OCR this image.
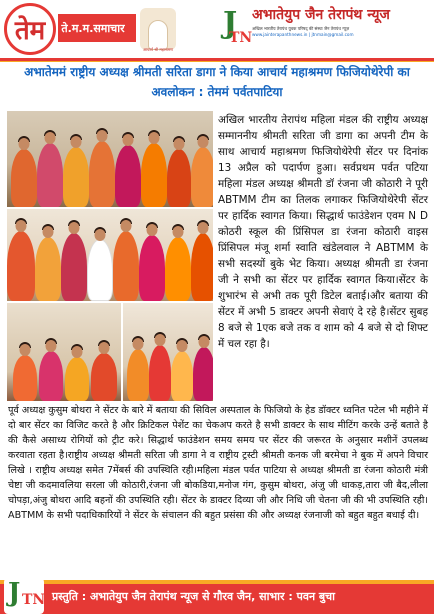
तेम	ते.म.म.समाचार
आचार्य श्री महाश्रमण
J
TN
अभातेयुप जैन तेरापंथ न्यूज
अखिल भारतीय तेरापंथ युवक परिषद् की संस्था जैन तेरापंथ न्यूज़
www.jainterapanthnews.in | jtnmain@gmail.com
अभातेममं राष्ट्रीय अध्यक्ष श्रीमती सरिता डागा ने किया आचार्य महाश्रमण फिजियोथेरेपी का अवलोकन : तेममं पर्वतपाटिया
अखिल भारतीय तेरापंथ महिला मंडल की राष्ट्रीय अध्यक्ष सम्माननीय श्रीमती सरिता जी डागा का अपनी टीम के साथ आचार्य महाश्रमण फिजियोथेरेपी सेंटर पर दिनांक 13 अप्रैल को पदार्पण हुआ। सर्वप्रथम पर्वत पटिया महिला मंडल अध्यक्ष श्रीमती डॉ रंजना जी कोठारी ने पूरी ABTMM टीम का तिलक लगाकर फिजियोथेरेपी सेंटर पर हार्दिक स्वागत किया। सिद्धार्थ फाउंडेशन एवम N D कोठरी स्कूल की प्रिंसिपल डा रंजना कोठारी वाइस प्रिंसिपल मंजू शर्मा स्वाति खंडेलवाल ने ABTMM के सभी सदस्यों बुके भेट किया। अध्यक्ष श्रीमती डा रंजना जी ने सभी का सेंटर पर हार्दिक स्वागत किया।सेंटर के शुभारंभ से अभी तक पूरी डिटेल बताई।और बताया की सेंटर में अभी 5 डाक्टर अपनी सेवाएं दे रहे है।सेंटर सुबह 8 बजे से 1एक बजे तक व शाम को 4 बजे से दो शिफ्ट में चल रहा है।
पूर्व अध्यक्ष कुसुम बोथरा ने सेंटर के बारे में बताया की सिविल अस्पताल के फिजियो के हेड डॉक्टर ध्वनित पटेल भी महीने में दो बार सेंटर का विजिट करते है और क्रिटिकल पेशेंट का चेकअप करते है सभी डाक्टर के साथ मीटिंग करके उन्हें बताते है की कैसे असाध्य रोगियों को ट्रीट करे। सिद्धार्थ फाउंडेशन समय समय पर सेंटर की जरूरत के अनुसार मशीनें उपलब्ध करवाता रहता है।राष्ट्रीय अध्यक्ष श्रीमती सरिता जी डागा ने व राष्ट्रीय ट्रस्टी श्रीमती कनक जी बरमेचा ने बुक में अपने विचार लिखे । राष्ट्रीय अध्यक्ष समेत 7मेंबर्स की उपस्थिति रही।महिला मंडल पर्वत पाटिया से अध्यक्ष श्रीमती डा रंजना कोठारी मंत्री चेष्टा जी कदमावलिया सरला जी कोठारी,रंजना जी बोकडिया,मनोज गंग, कुसुम बोथरा, अंजु जी धाकड़,तारा जी बैद,लीला चोपड़ा,अंजु बोथरा आदि बहनों की उपस्थिति रही। सेंटर के डाक्टर दिव्या जी और निधि जी चेतना जी की भी उपस्थिति रही।ABTMM के सभी पदाधिकारियों ने सेंटर के संचालन की बहुत प्रसंसा की और अध्यक्ष रंजनाजी को बहुत बहुत बधाई दी।
J TN प्रस्तुति : अभातेयुप जैन तेरापंथ न्यूज से गौरव जैन, साभार : पवन बुचा
